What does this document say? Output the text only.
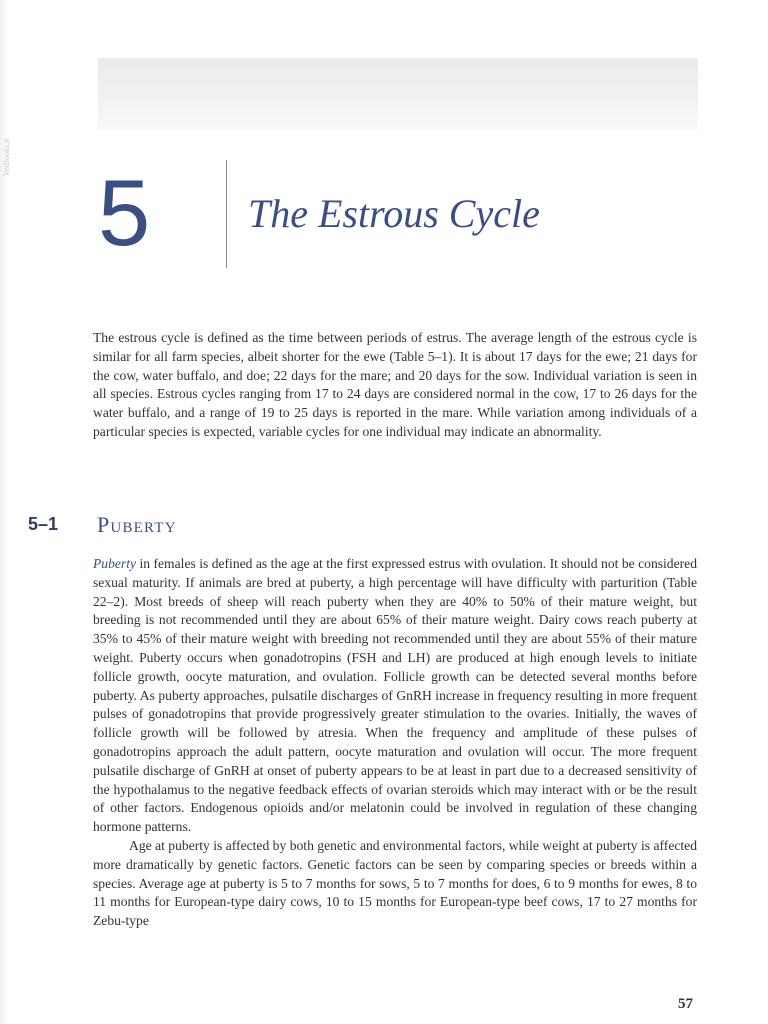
VetBooks.ir
5 The Estrous Cycle

The estrous cycle is defined as the time between periods of estrus. The average length of the estrous cycle is similar for all farm species, albeit shorter for the ewe (Table 5–1). It is about 17 days for the ewe; 21 days for the cow, water buffalo, and doe; 22 days for the mare; and 20 days for the sow. Individual variation is seen in all species. Estrous cycles ranging from 17 to 24 days are considered normal in the cow, 17 to 26 days for the water buffalo, and a range of 19 to 25 days is reported in the mare. While variation among individuals of a particular species is expected, variable cycles for one individual may indicate an abnormality.

5–1 Puberty

Puberty in females is defined as the age at the first expressed estrus with ovulation. It should not be considered sexual maturity. If animals are bred at puberty, a high percentage will have difficulty with parturition (Table 22–2). Most breeds of sheep will reach puberty when they are 40% to 50% of their mature weight, but breeding is not recommended until they are about 65% of their mature weight. Dairy cows reach puberty at 35% to 45% of their mature weight with breeding not recommended until they are about 55% of their mature weight. Puberty occurs when gonadotropins (FSH and LH) are produced at high enough levels to initiate follicle growth, oocyte maturation, and ovulation. Follicle growth can be detected several months before puberty. As puberty approaches, pulsatile discharges of GnRH increase in frequency resulting in more frequent pulses of gonadotropins that provide progressively greater stimulation to the ovaries. Initially, the waves of follicle growth will be followed by atresia. When the frequency and amplitude of these pulses of gonadotropins approach the adult pattern, oocyte maturation and ovulation will occur. The more frequent pulsatile discharge of GnRH at onset of puberty appears to be at least in part due to a decreased sensitivity of the hypothalamus to the negative feedback effects of ovarian steroids which may interact with or be the result of other factors. Endogenous opioids and/or melatonin could be involved in regulation of these changing hormone patterns.

Age at puberty is affected by both genetic and environmental factors, while weight at puberty is affected more dramatically by genetic factors. Genetic factors can be seen by comparing species or breeds within a species. Average age at puberty is 5 to 7 months for sows, 5 to 7 months for does, 6 to 9 months for ewes, 8 to 11 months for European-type dairy cows, 10 to 15 months for European-type beef cows, 17 to 27 months for Zebu-type

57
